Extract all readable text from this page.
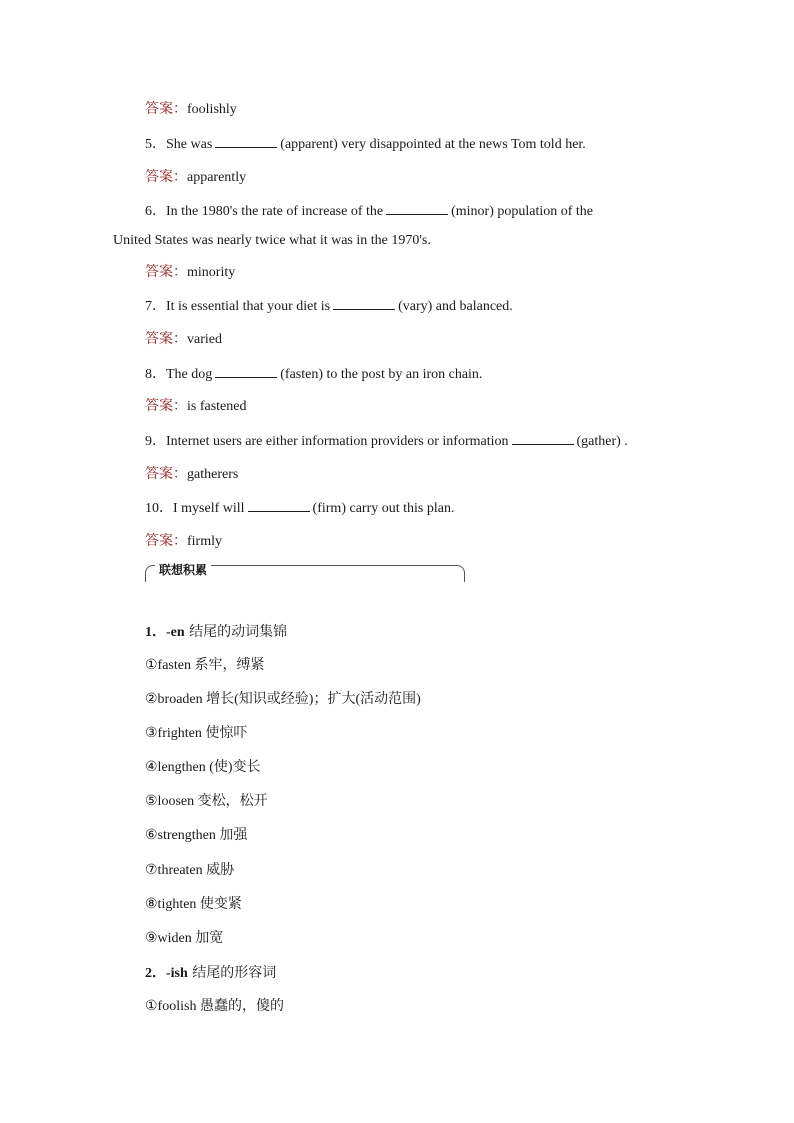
答案：foolishly
5．She was	(apparent) very disappointed at the news Tom told her.
答案：apparently
6．In the 1980's the rate of increase of the	(minor) population of the
United States was nearly twice what it was in the 1970's.
答案：minority
7．It is essential that your diet is	(vary) and balanced.
答案：varied
8．The dog	(fasten) to the post by an iron chain.
答案：is fastened
9．Internet users are either information providers or information	(gather) .
答案：gatherers
10．I myself will	(firm) carry out this plan.
答案：firmly
联想积累
1．-en 结尾的动词集锦
①fasten 系牢，缚紧
②broaden 增长(知识或经验)；扩大(活动范围)
③frighten 使惊吓
④lengthen (使)变长
⑤loosen 变松，松开
⑥strengthen 加强
⑦threaten 威胁
⑧tighten 使变紧
⑨widen 加宽
2．-ish 结尾的形容词
①foolish 愚蠢的，傻的
